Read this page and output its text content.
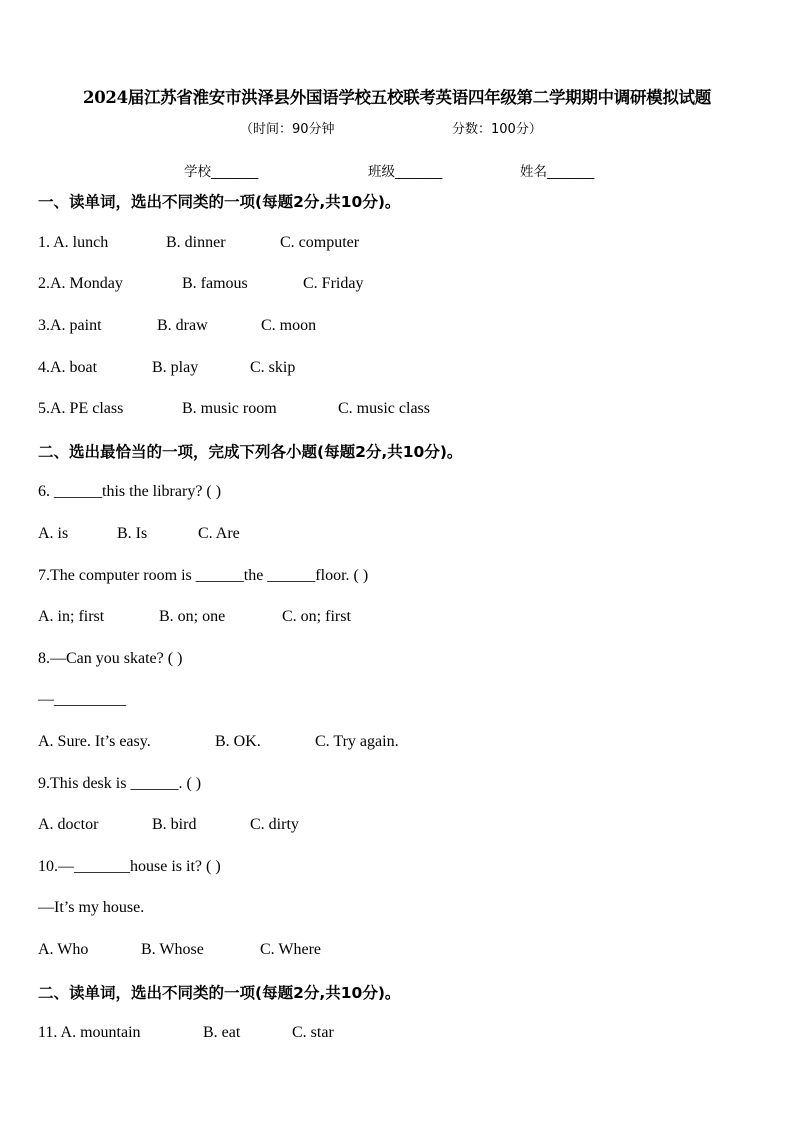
2024届江苏省淮安市洪泽县外国语学校五校联考英语四年级第二学期期中调研模拟试题
（时间：90分钟	分数：100分）
学校_______	班级_______	姓名_______
一、读单词，选出不同类的一项(每题2分,共10分)。
1. A. lunch	B. dinner	C. computer
2.A. Monday	B. famous	C. Friday
3.A. paint	B. draw	C. moon
4.A. boat	B. play	C. skip
5.A. PE class	B. music room	C. music class
二、选出最恰当的一项，完成下列各小题(每题2分,共10分)。
6. ______this the library? ( )
A. is	B. Is	C. Are
7.The computer room is ______the ______floor. ( )
A. in; first	B. on; one	C. on; first
8.—Can you skate? ( )
—_________
A. Sure. It’s easy.	B. OK.	C. Try again.
9.This desk is ______. ( )
A. doctor	B. bird	C. dirty
10.—_______house is it? ( )
—It’s my house.
A. Who	B. Whose	C. Where
二、读单词，选出不同类的一项(每题2分,共10分)。
11. A. mountain	B. eat	C. star
